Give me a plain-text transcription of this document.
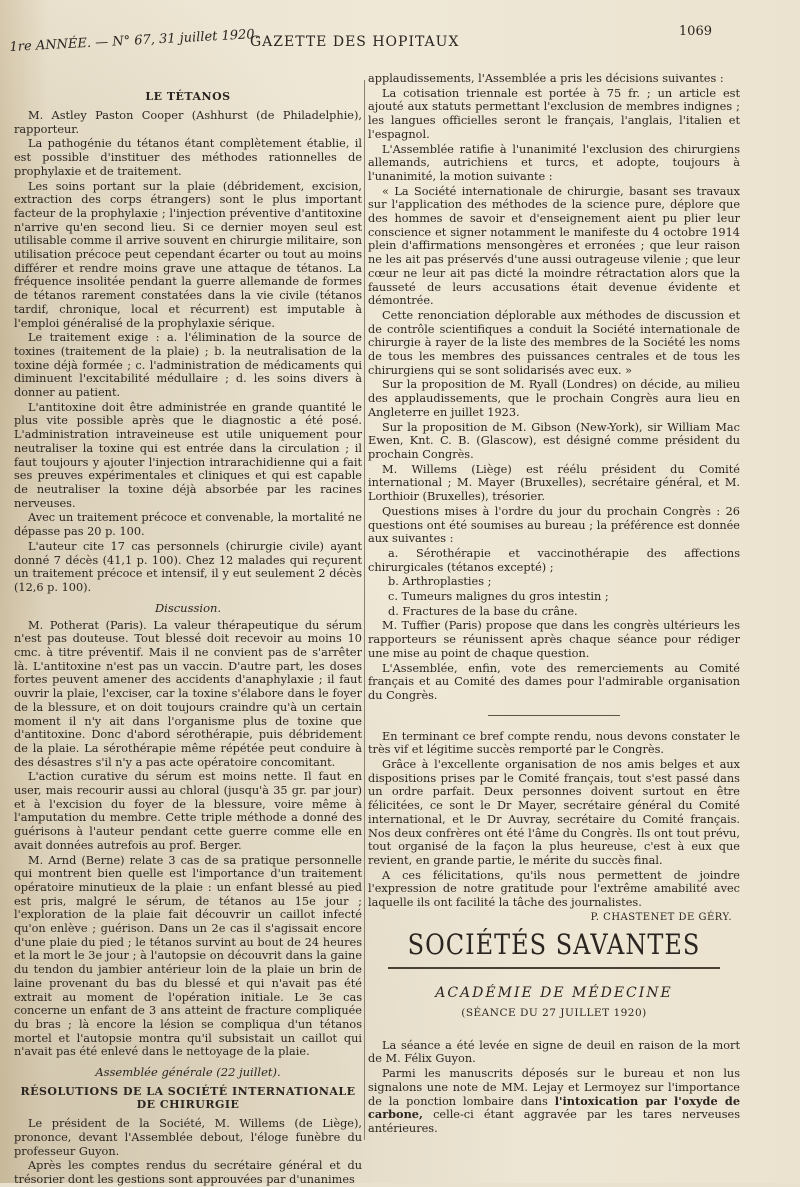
1re ANNÉE. — N° 67, 31 juillet 1920.
GAZETTE DES HOPITAUX
1069
LE TÉTANOS

M. Astley Paston Cooper (Ashhurst (de Philadelphie), rapporteur.

La pathogénie du tétanos étant complètement établie, il est possible d'instituer des méthodes rationnelles de prophylaxie et de traitement.

Les soins portant sur la plaie (débridement, excision, extraction des corps étrangers) sont le plus important facteur de la prophylaxie ; l'injection préventive d'antitoxine n'arrive qu'en second lieu. Si ce dernier moyen seul est utilisable comme il arrive souvent en chirurgie militaire, son utilisation précoce peut cependant écarter ou tout au moins différer et rendre moins grave une attaque de tétanos. La fréquence insolitée pendant la guerre allemande de formes de tétanos rarement constatées dans la vie civile (tétanos tardif, chronique, local et récurrent) est imputable à l'emploi généralisé de la prophylaxie sérique.

Le traitement exige : a. l'élimination de la source de toxines (traitement de la plaie) ; b. la neutralisation de la toxine déjà formée ; c. l'administration de médicaments qui diminuent l'excitabilité médullaire ; d. les soins divers à donner au patient.

L'antitoxine doit être administrée en grande quantité le plus vite possible après que le diagnostic a été posé. L'administration intraveineuse est utile uniquement pour neutraliser la toxine qui est entrée dans la circulation ; il faut toujours y ajouter l'injection intrarachidienne qui a fait ses preuves expérimentales et cliniques et qui est capable de neutraliser la toxine déjà absorbée par les racines nerveuses.

Avec un traitement précoce et convenable, la mortalité ne dépasse pas 20 p. 100.

L'auteur cite 17 cas personnels (chirurgie civile) ayant donné 7 décès (41,1 p. 100). Chez 12 malades qui reçurent un traitement précoce et intensif, il y eut seulement 2 décès (12,6 p. 100).

Discussion.

M. Potherat (Paris). La valeur thérapeutique du sérum n'est pas douteuse. Tout blessé doit recevoir au moins 10 cmc. à titre préventif. Mais il ne convient pas de s'arrêter là. L'antitoxine n'est pas un vaccin. D'autre part, les doses fortes peuvent amener des accidents d'anaphylaxie ; il faut ouvrir la plaie, l'exciser, car la toxine s'élabore dans le foyer de la blessure, et on doit toujours craindre qu'à un certain moment il n'y ait dans l'organisme plus de toxine que d'antitoxine. Donc d'abord sérothérapie, puis débridement de la plaie. La sérothérapie même répétée peut conduire à des désastres s'il n'y a pas acte opératoire concomitant.

L'action curative du sérum est moins nette. Il faut en user, mais recourir aussi au chloral (jusqu'à 35 gr. par jour) et à l'excision du foyer de la blessure, voire même à l'amputation du membre. Cette triple méthode a donné des guérisons à l'auteur pendant cette guerre comme elle en avait données autrefois au prof. Berger.

M. Arnd (Berne) relate 3 cas de sa pratique personnelle qui montrent bien quelle est l'importance d'un traitement opératoire minutieux de la plaie : un enfant blessé au pied est pris, malgré le sérum, de tétanos au 15e jour ; l'exploration de la plaie fait découvrir un caillot infecté qu'on enlève ; guérison. Dans un 2e cas il s'agissait encore d'une plaie du pied ; le tétanos survint au bout de 24 heures et la mort le 3e jour ; à l'autopsie on découvrit dans la gaine du tendon du jambier antérieur loin de la plaie un brin de laine provenant du bas du blessé et qui n'avait pas été extrait au moment de l'opération initiale. Le 3e cas concerne un enfant de 3 ans atteint de fracture compliquée du bras ; là encore la lésion se compliqua d'un tétanos mortel et l'autopsie montra qu'il subsistait un caillot qui n'avait pas été enlevé dans le nettoyage de la plaie.

Assemblée générale (22 juillet).
RÉSOLUTIONS DE LA SOCIÉTÉ INTERNATIONALE DE CHIRURGIE

Le président de la Société, M. Willems (de Liège), prononce, devant l'Assemblée debout, l'éloge funèbre du professeur Guyon.

Après les comptes rendus du secrétaire général et du trésorier dont les gestions sont approuvées par d'unanimes

applaudissements, l'Assemblée a pris les décisions suivantes :

La cotisation triennale est portée à 75 fr. ; un article est ajouté aux statuts permettant l'exclusion de membres indignes ; les langues officielles seront le français, l'anglais, l'italien et l'espagnol.

L'Assemblée ratifie à l'unanimité l'exclusion des chirurgiens allemands, autrichiens et turcs, et adopte, toujours à l'unanimité, la motion suivante :

« La Société internationale de chirurgie, basant ses travaux sur l'application des méthodes de la science pure, déplore que des hommes de savoir et d'enseignement aient pu plier leur conscience et signer notamment le manifeste du 4 octobre 1914 plein d'affirmations mensongères et erronées ; que leur raison ne les ait pas préservés d'une aussi outrageuse vilenie ; que leur cœur ne leur ait pas dicté la moindre rétractation alors que la fausseté de leurs accusations était devenue évidente et démontrée.

Cette renonciation déplorable aux méthodes de discussion et de contrôle scientifiques a conduit la Société internationale de chirurgie à rayer de la liste des membres de la Société les noms de tous les membres des puissances centrales et de tous les chirurgiens qui se sont solidarisés avec eux. »

Sur la proposition de M. Ryall (Londres) on décide, au milieu des applaudissements, que le prochain Congrès aura lieu en Angleterre en juillet 1923.

Sur la proposition de M. Gibson (New-York), sir William Mac Ewen, Knt. C. B. (Glascow), est désigné comme président du prochain Congrès.

M. Willems (Liège) est réélu président du Comité international ; M. Mayer (Bruxelles), secrétaire général, et M. Lorthioir (Bruxelles), trésorier.

Questions mises à l'ordre du jour du prochain Congrès : 26 questions ont été soumises au bureau ; la préférence est donnée aux suivantes :

a. Sérothérapie et vaccinothérapie des affections chirurgicales (tétanos excepté) ;

b. Arthroplasties ;

c. Tumeurs malignes du gros intestin ;

d. Fractures de la base du crâne.

M. Tuffier (Paris) propose que dans les congrès ultérieurs les rapporteurs se réunissent après chaque séance pour rédiger une mise au point de chaque question.

L'Assemblée, enfin, vote des remerciements au Comité français et au Comité des dames pour l'admirable organisation du Congrès.

En terminant ce bref compte rendu, nous devons constater le très vif et légitime succès remporté par le Congrès.

Grâce à l'excellente organisation de nos amis belges et aux dispositions prises par le Comité français, tout s'est passé dans un ordre parfait. Deux personnes doivent surtout en être félicitées, ce sont le Dr Mayer, secrétaire général du Comité international, et le Dr Auvray, secrétaire du Comité français. Nos deux confrères ont été l'âme du Congrès. Ils ont tout prévu, tout organisé de la façon la plus heureuse, c'est à eux que revient, en grande partie, le mérite du succès final.

A ces félicitations, qu'ils nous permettent de joindre l'expression de notre gratitude pour l'extrême amabilité avec laquelle ils ont facilité la tâche des journalistes.

P. CHASTENET DE GÉRY.
SOCIÉTÉS SAVANTES
ACADÉMIE DE MÉDECINE
(SÉANCE DU 27 JUILLET 1920)

La séance a été levée en signe de deuil en raison de la mort de M. Félix Guyon.

Parmi les manuscrits déposés sur le bureau et non lus signalons une note de MM. Lejay et Lermoyez sur l'importance de la ponction lombaire dans l'intoxication par l'oxyde de carbone, celle-ci étant aggravée par les tares nerveuses antérieures.
